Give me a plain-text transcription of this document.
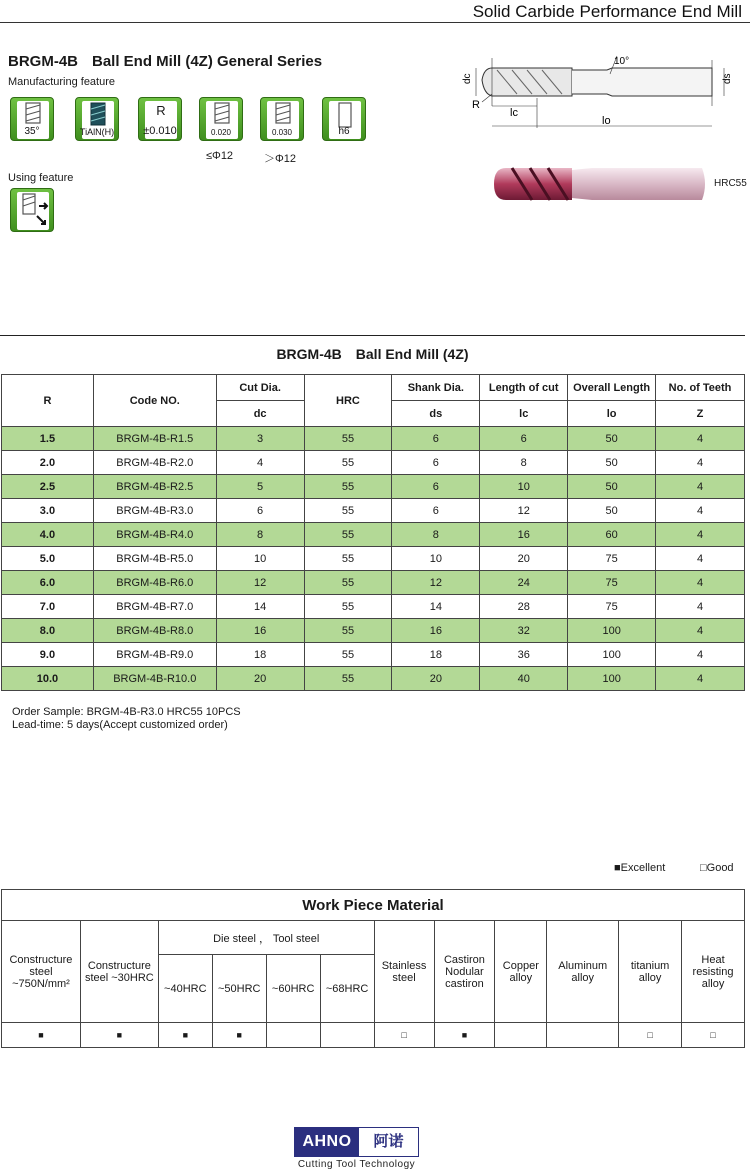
Solid Carbide Performance End Mill
BRGM-4B Ball End Mill (4Z) General Series
Manufacturing feature
35°	TiAlN(H)
R
±0.010	0.020
≤Φ12
0.030
＞Φ12
h6
Using feature
dc	ds
R
lc
lo
10°
HRC55
BRGM-4B Ball End Mill (4Z)
R	Code NO.	Cut Dia.	HRC	Shank Dia.	Length of cut	Overall Length	No. of Teeth
		dc		ds	lc	lo	Z
1.5	BRGM-4B-R1.5	3	55	6	6	50	4
2.0	BRGM-4B-R2.0	4	55	6	8	50	4
2.5	BRGM-4B-R2.5	5	55	6	10	50	4
3.0	BRGM-4B-R3.0	6	55	6	12	50	4
4.0	BRGM-4B-R4.0	8	55	8	16	60	4
5.0	BRGM-4B-R5.0	10	55	10	20	75	4
6.0	BRGM-4B-R6.0	12	55	12	24	75	4
7.0	BRGM-4B-R7.0	14	55	14	28	75	4
8.0	BRGM-4B-R8.0	16	55	16	32	100	4
9.0	BRGM-4B-R9.0	18	55	18	36	100	4
10.0	BRGM-4B-R10.0	20	55	20	40	100	4
Order Sample: BRGM-4B-R3.0 HRC55 10PCS
Lead-time: 5 days(Accept customized order)
■Excellent	□Good
Work Piece Material											
Constructure steel ~750N/mm²	Constructure steel ~30HRC	Die steel ， Tool steel				Stainless steel	Castiron Nodular castiron	Copper alloy	Aluminum alloy	titanium alloy	Heat resisting alloy
		~40HRC	~50HRC	~60HRC	~68HRC						
■	■	■	■			□	■			□	□
AHNO	阿诺
Cutting Tool Technology
